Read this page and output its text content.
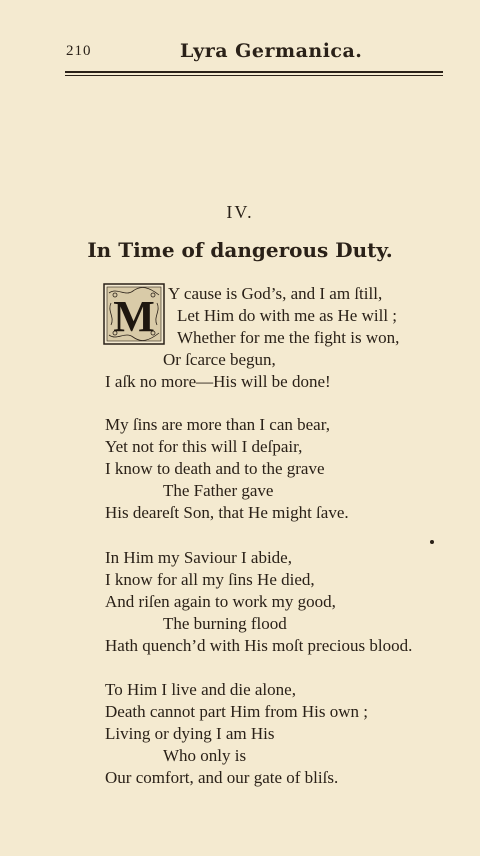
210	Lyra Germanica.
IV.
In Time of dangerous Duty.
M Y cause is God’s, and I am ſtill,
Let Him do with me as He will ;
Whether for me the fight is won,
Or ſcarce begun,
I aſk no more—His will be done!
My ſins are more than I can bear,
Yet not for this will I deſpair,
I know to death and to the grave
The Father gave
His deareſt Son, that He might ſave.
In Him my Saviour I abide,
I know for all my ſins He died,
And riſen again to work my good,
The burning flood
Hath quench’d with His moſt precious blood.
To Him I live and die alone,
Death cannot part Him from His own ;
Living or dying I am His
Who only is
Our comfort, and our gate of bliſs.
